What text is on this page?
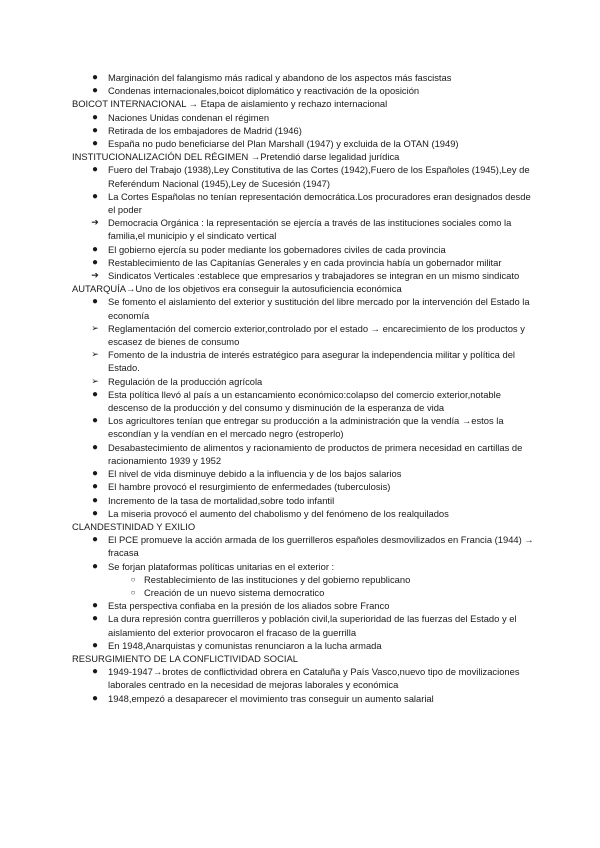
●	Marginación del falangismo más radical y abandono de los aspectos más fascistas
●	Condenas internacionales,boicot diplomático y reactivación de la oposición
BOICOT INTERNACIONAL → Etapa de aislamiento y rechazo internacional
●	Naciones Unidas condenan el régimen
●	Retirada de los embajadores de Madrid (1946)
●	España no pudo beneficiarse del Plan Marshall (1947) y excluida de la OTAN (1949)
INSTITUCIONALIZACIÓN DEL RÉGIMEN →Pretendió darse legalidad jurídica
●	Fuero del Trabajo (1938),Ley Constitutiva de las Cortes (1942),Fuero de los Españoles (1945),Ley de Referéndum Nacional (1945),Ley de Sucesión (1947)
●	La Cortes Españolas no tenían representación democrática.Los procuradores eran designados desde el poder
➔ Democracia Orgánica : la representación se ejercía a través de las instituciones sociales como la familia,el municipio y el sindicato vertical
●	El gobierno ejercía su poder mediante los gobernadores civiles de cada provincia
●	Restablecimiento de las Capitanías Generales y en cada provincia había un gobernador militar
➔ Sindicatos Verticales :establece que empresarios y trabajadores se integran en un mismo sindicato
AUTARQUÍA→Uno de los objetivos era conseguir la autosuficiencia económica
●	Se fomento el aislamiento del exterior y sustitución del libre mercado por la intervención del Estado la economía
➢ Reglamentación del comercio exterior,controlado por el estado → encarecimiento de los productos y escasez de bienes de consumo
➢ Fomento de la industria de interés estratégico para asegurar la independencia militar y política del Estado.
➢ Regulación de la producción agrícola
●	Esta política llevó al país a un estancamiento económico:colapso del comercio exterior,notable descenso de la producción y del consumo y disminución de la esperanza de vida
●	Los agricultores tenían que entregar su producción a la administración que la vendía →estos la escondían y la vendían en el mercado negro (estroperlo)
●	Desabastecimiento de alimentos y racionamiento de productos de primera necesidad en cartillas de racionamiento 1939 y 1952
●	El nivel de vida disminuye debido a la influencia y de los bajos salarios
●	El hambre provocó el resurgimiento de enfermedades (tuberculosis)
●	Incremento de la tasa de mortalidad,sobre todo infantil
●	La miseria provocó el aumento del chabolismo y del fenómeno de los realquilados
CLANDESTINIDAD Y EXILIO
●	El PCE promueve la acción armada de los guerrilleros españoles desmovilizados en Francia (1944) → fracasa
●	Se forjan plataformas políticas unitarias en el exterior :
○ Restablecimiento de las instituciones y del gobierno republicano
○ Creación de un nuevo sistema democratico
●	Esta perspectiva confiaba en la presión de los aliados sobre Franco
●	La dura represión contra guerrilleros y población civil,la superioridad de las fuerzas del Estado y el aislamiento del exterior provocaron el fracaso de la guerrilla
●	En 1948,Anarquistas y comunistas renunciaron a la lucha armada
RESURGIMIENTO DE LA CONFLICTIVIDAD SOCIAL
●	1949-1947→brotes de conflictividad obrera en Cataluña y País Vasco,nuevo tipo de movilizaciones laborales centrado en la necesidad de mejoras laborales y económica
●	1948,empezó a desaparecer el movimiento tras conseguir un aumento salarial
